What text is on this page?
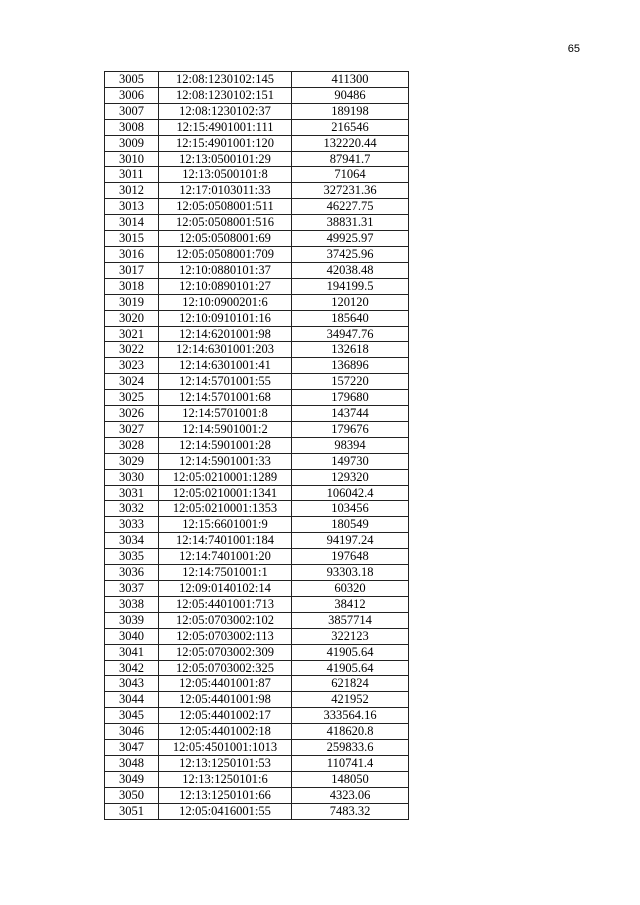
65
3005	12:08:1230102:145	411300
3006	12:08:1230102:151	90486
3007	12:08:1230102:37	189198
3008	12:15:4901001:111	216546
3009	12:15:4901001:120	132220.44
3010	12:13:0500101:29	87941.7
3011	12:13:0500101:8	71064
3012	12:17:0103011:33	327231.36
3013	12:05:0508001:511	46227.75
3014	12:05:0508001:516	38831.31
3015	12:05:0508001:69	49925.97
3016	12:05:0508001:709	37425.96
3017	12:10:0880101:37	42038.48
3018	12:10:0890101:27	194199.5
3019	12:10:0900201:6	120120
3020	12:10:0910101:16	185640
3021	12:14:6201001:98	34947.76
3022	12:14:6301001:203	132618
3023	12:14:6301001:41	136896
3024	12:14:5701001:55	157220
3025	12:14:5701001:68	179680
3026	12:14:5701001:8	143744
3027	12:14:5901001:2	179676
3028	12:14:5901001:28	98394
3029	12:14:5901001:33	149730
3030	12:05:0210001:1289	129320
3031	12:05:0210001:1341	106042.4
3032	12:05:0210001:1353	103456
3033	12:15:6601001:9	180549
3034	12:14:7401001:184	94197.24
3035	12:14:7401001:20	197648
3036	12:14:7501001:1	93303.18
3037	12:09:0140102:14	60320
3038	12:05:4401001:713	38412
3039	12:05:0703002:102	3857714
3040	12:05:0703002:113	322123
3041	12:05:0703002:309	41905.64
3042	12:05:0703002:325	41905.64
3043	12:05:4401001:87	621824
3044	12:05:4401001:98	421952
3045	12:05:4401002:17	333564.16
3046	12:05:4401002:18	418620.8
3047	12:05:4501001:1013	259833.6
3048	12:13:1250101:53	110741.4
3049	12:13:1250101:6	148050
3050	12:13:1250101:66	4323.06
3051	12:05:0416001:55	7483.32
